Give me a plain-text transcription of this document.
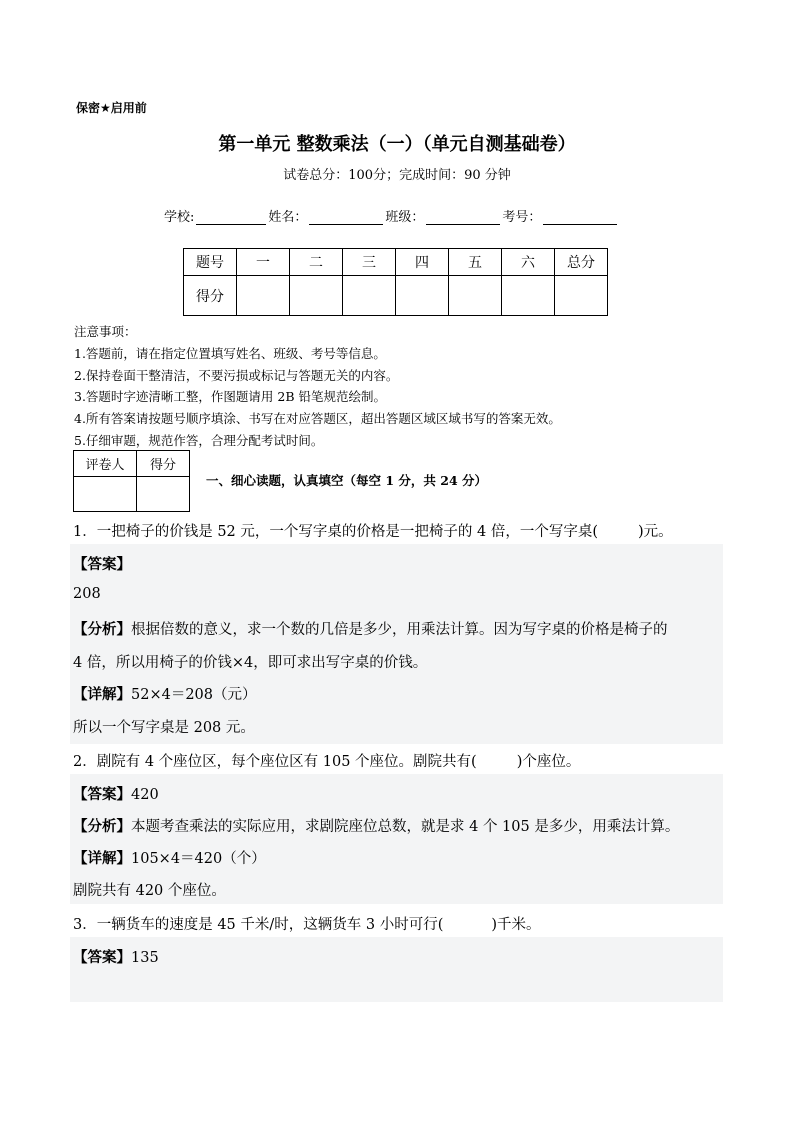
保密★启用前
第一单元 整数乘法（一）（单元自测基础卷）
试卷总分：100分；完成时间：90 分钟
学校:	姓名：	班级：	考号：
题号	一	二	三	四	五	六	总分
得分							
注意事项：
1.答题前，请在指定位置填写姓名、班级、考号等信息。
2.保持卷面干整清洁，不要污损或标记与答题无关的内容。
3.答题时字迹清晰工整，作图题请用 2B 铅笔规范绘制。
4.所有答案请按题号顺序填涂、书写在对应答题区，超出答题区域区域书写的答案无效。
5.仔细审题，规范作答，合理分配考试时间。
评卷人	得分

一、细心读题，认真填空（每空 1 分，共 24 分）
1．一把椅子的价钱是 52 元，一个写字桌的价格是一把椅子的 4 倍，一个写字桌(	)元。
【答案】
208
【分析】根据倍数的意义，求一个数的几倍是多少，用乘法计算。因为写字桌的价格是椅子的
4 倍，所以用椅子的价钱×4，即可求出写字桌的价钱。
【详解】52×4＝208（元）
所以一个写字桌是 208 元。
2．剧院有 4 个座位区，每个座位区有 105 个座位。剧院共有(	)个座位。
【答案】420
【分析】本题考查乘法的实际应用，求剧院座位总数，就是求 4 个 105 是多少，用乘法计算。
【详解】105×4＝420（个）
剧院共有 420 个座位。
3．一辆货车的速度是 45 千米/时，这辆货车 3 小时可行(	)千米。
【答案】135
